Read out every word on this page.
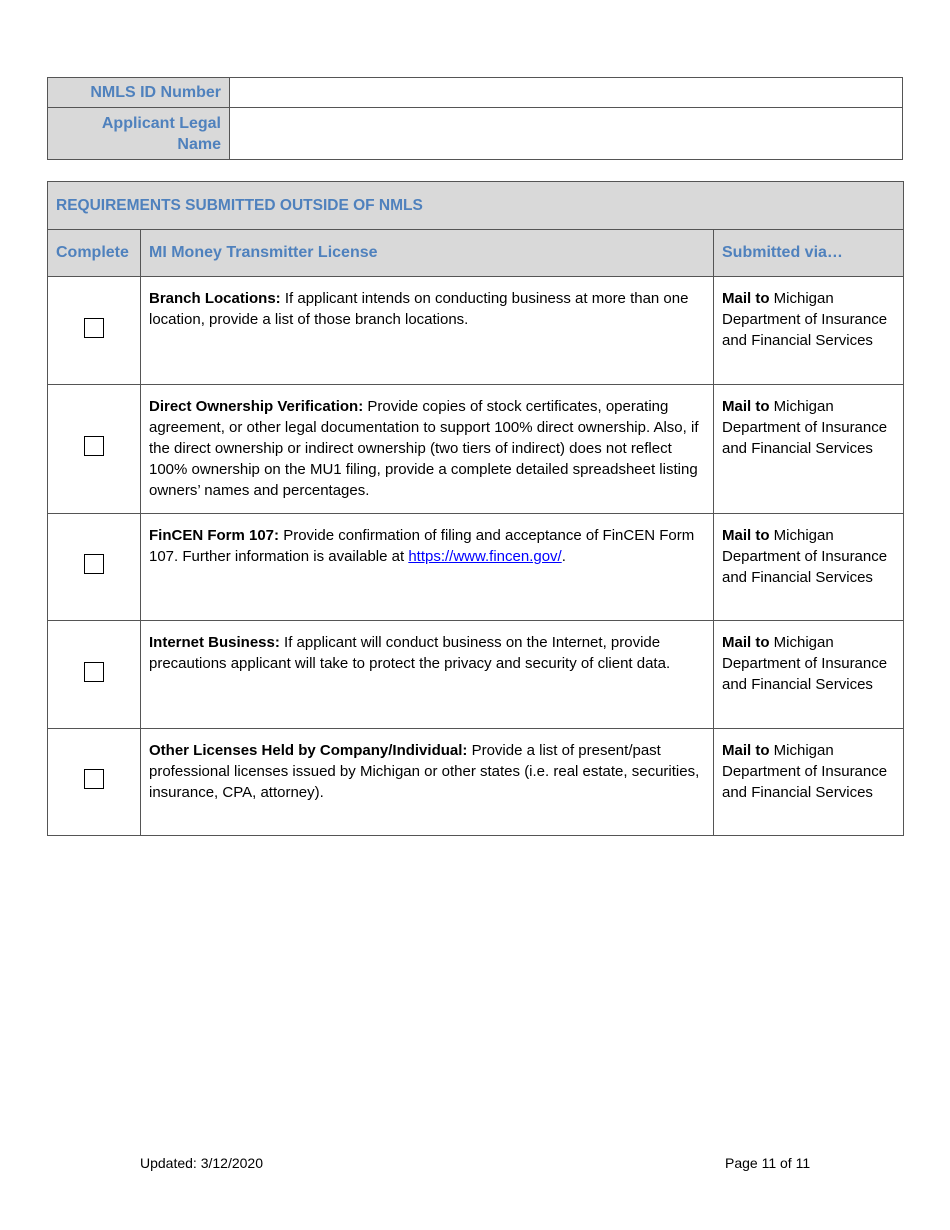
NMLS ID Number	
Applicant Legal
Name	
REQUIREMENTS SUBMITTED OUTSIDE OF NMLS		
Complete	MI Money Transmitter License	Submitted via…
	Branch Locations: If applicant intends on conducting business at more than one location, provide a list of those branch locations.	Mail to Michigan Department of Insurance and Financial Services
	Direct Ownership Verification: Provide copies of stock certificates, operating agreement, or other legal documentation to support 100% direct ownership. Also, if the direct ownership or indirect ownership (two tiers of indirect) does not reflect 100% ownership on the MU1 filing, provide a complete detailed spreadsheet listing owners’ names and percentages.	Mail to Michigan Department of Insurance and Financial Services
	FinCEN Form 107: Provide confirmation of filing and acceptance of FinCEN Form 107. Further information is available at https://www.fincen.gov/.	Mail to Michigan Department of Insurance and Financial Services
	Internet Business: If applicant will conduct business on the Internet, provide precautions applicant will take to protect the privacy and security of client data.	Mail to Michigan Department of Insurance and Financial Services
	Other Licenses Held by Company/Individual: Provide a list of present/past professional licenses issued by Michigan or other states (i.e. real estate, securities, insurance, CPA, attorney).	Mail to Michigan Department of Insurance and Financial Services
Updated: 3/12/2020	Page 11 of 11
